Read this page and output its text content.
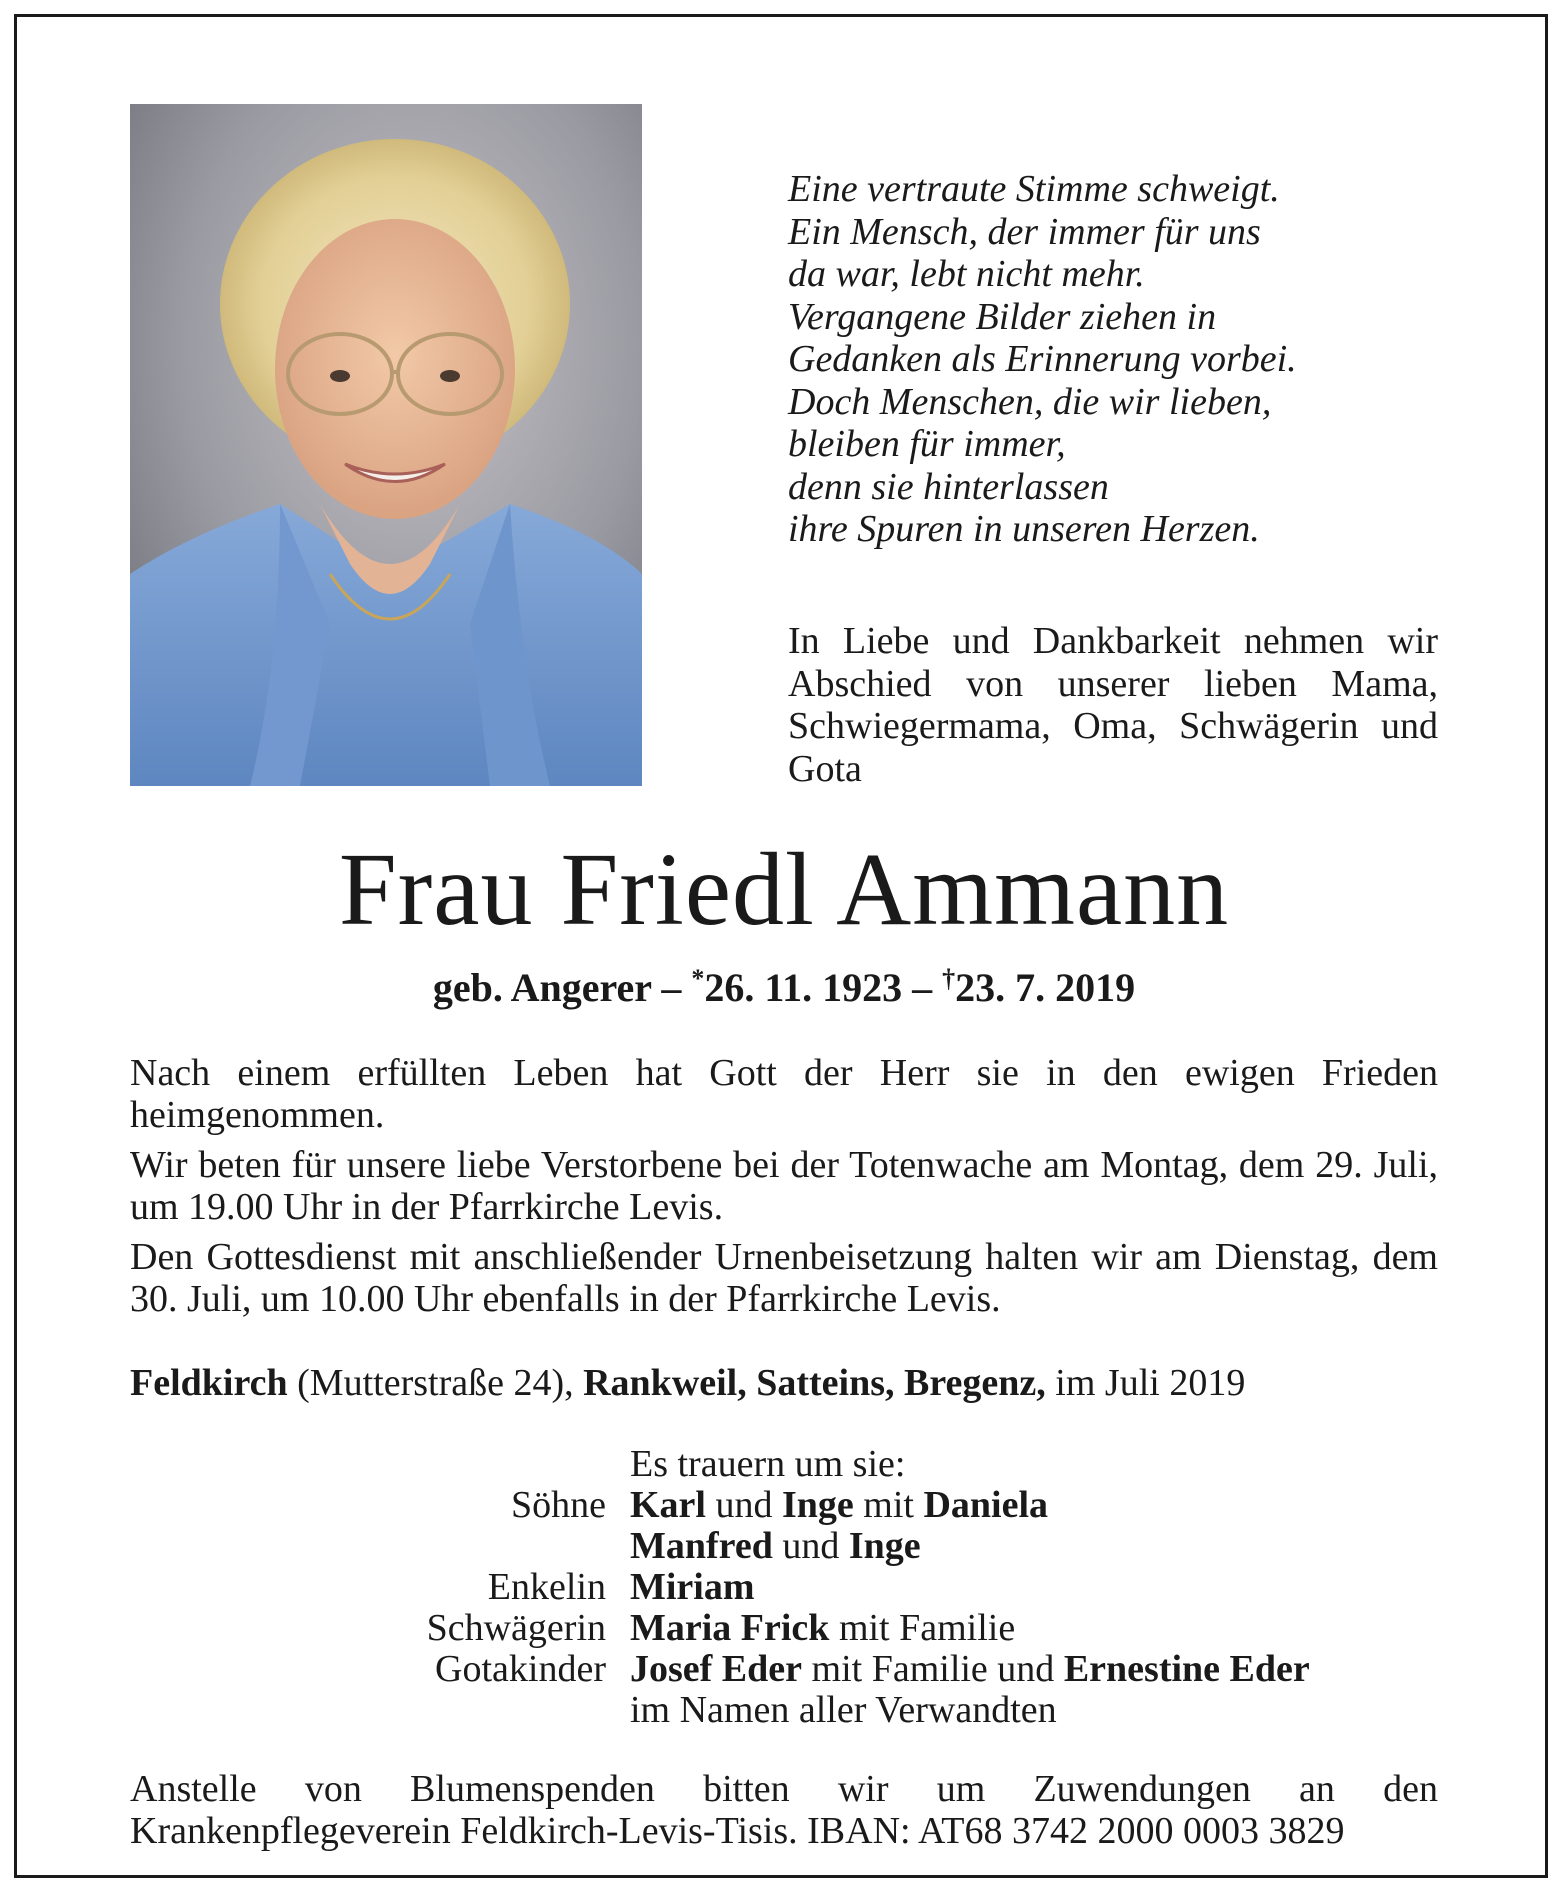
Eine vertraute Stimme schweigt.
Ein Mensch, der immer für uns
da war, lebt nicht mehr.
Vergangene Bilder ziehen in
Gedanken als Erinnerung vorbei.
Doch Menschen, die wir lieben,
bleiben für immer,
denn sie hinterlassen
ihre Spuren in unseren Herzen.
In Liebe und Dankbarkeit nehmen wir Abschied von unserer lieben Mama, Schwiegermama, Oma, Schwägerin und Gota
Frau Friedl Ammann
geb. Angerer – *26. 11. 1923 – †23. 7. 2019

Nach einem erfüllten Leben hat Gott der Herr sie in den ewigen Frieden heimgenommen.

Wir beten für unsere liebe Verstorbene bei der Totenwache am Montag, dem 29. Juli, um 19.00 Uhr in der Pfarrkirche Levis.

Den Gottesdienst mit anschließender Urnenbeisetzung halten wir am Dienstag, dem 30. Juli, um 10.00 Uhr ebenfalls in der Pfarrkirche Levis.

Feldkirch (Mutterstraße 24), Rankweil, Satteins, Bregenz, im Juli 2019
Es trauern um sie:
Söhne Karl und Inge mit Daniela
Manfred und Inge
Enkelin Miriam
Schwägerin Maria Frick mit Familie
Gotakinder Josef Eder mit Familie und Ernestine Eder
im Namen aller Verwandten
Anstelle von Blumenspenden bitten wir um Zuwendungen an den Krankenpflegeverein Feldkirch-Levis-Tisis. IBAN: AT68 3742 2000 0003 3829
